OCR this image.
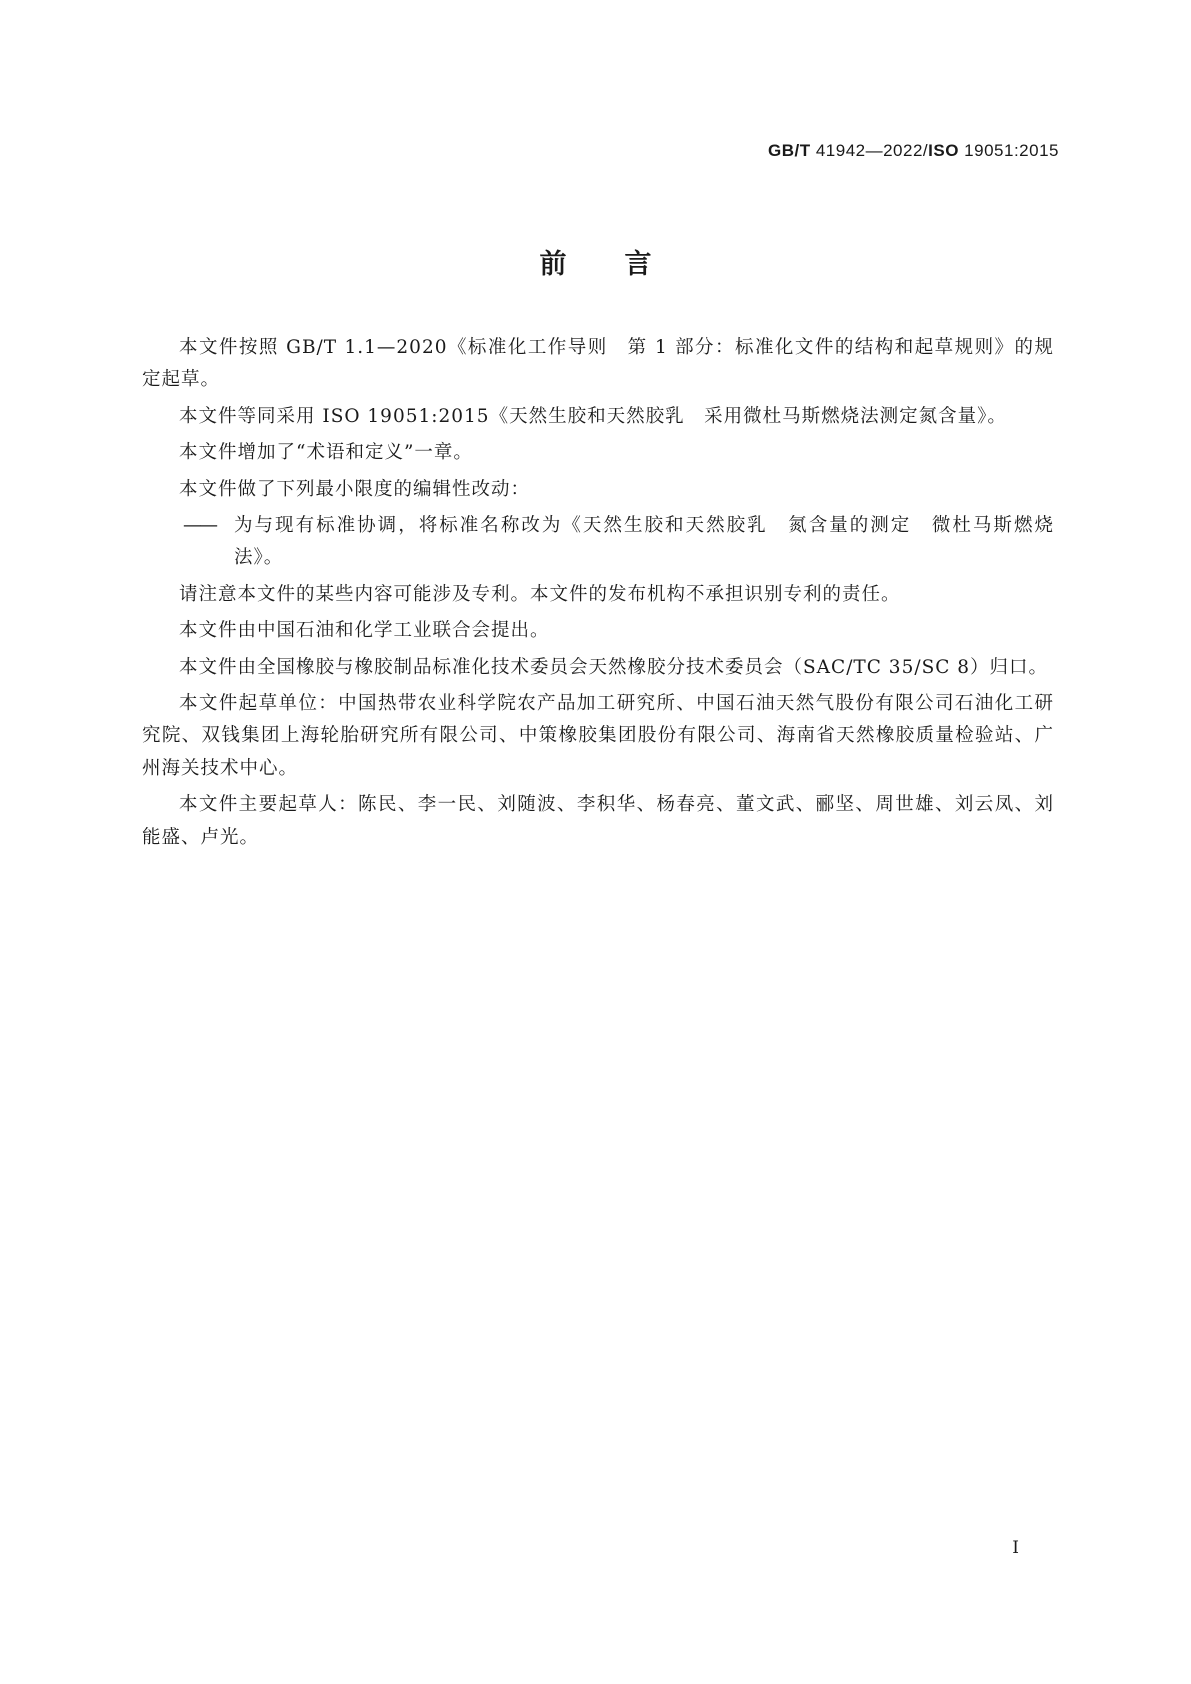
GB/T 41942—2022/ISO 19051:2015
前言

本文件按照 GB/T 1.1—2020《标准化工作导则　第 1 部分：标准化文件的结构和起草规则》的规定起草。

本文件等同采用 ISO 19051:2015《天然生胶和天然胶乳　采用微杜马斯燃烧法测定氮含量》。

本文件增加了“术语和定义”一章。

本文件做了下列最小限度的编辑性改动：

—— 为与现有标准协调，将标准名称改为《天然生胶和天然胶乳　氮含量的测定　微杜马斯燃烧法》。

请注意本文件的某些内容可能涉及专利。本文件的发布机构不承担识别专利的责任。

本文件由中国石油和化学工业联合会提出。

本文件由全国橡胶与橡胶制品标准化技术委员会天然橡胶分技术委员会（SAC/TC 35/SC 8）归口。

本文件起草单位：中国热带农业科学院农产品加工研究所、中国石油天然气股份有限公司石油化工研究院、双钱集团上海轮胎研究所有限公司、中策橡胶集团股份有限公司、海南省天然橡胶质量检验站、广州海关技术中心。

本文件主要起草人：陈民、李一民、刘随波、李积华、杨春亮、董文武、郦坚、周世雄、刘云凤、刘能盛、卢光。

I
